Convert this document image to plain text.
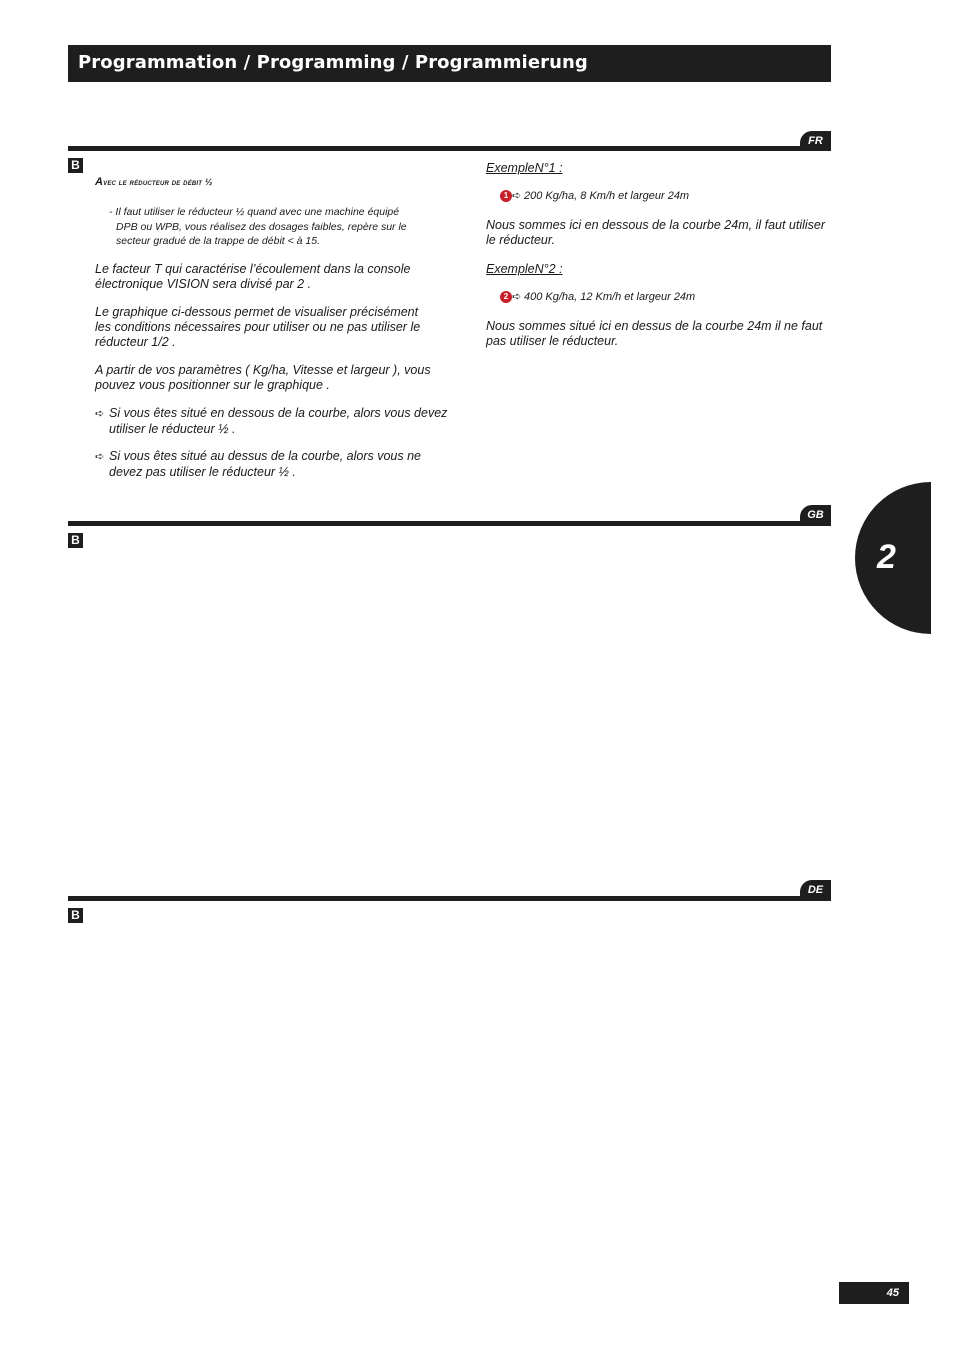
Programmation / Programming / Programmierung
FR
B
Avec le réducteur de débit ½
- Il faut utiliser le réducteur ½ quand avec une machine équipé
DPB ou WPB, vous réalisez des dosages faibles, repère sur le
secteur gradué de la trappe de débit < à 15.
Le facteur T qui caractérise l’écoulement dans la console
électronique VISION sera divisé par 2 .
Le graphique ci-dessous permet de visualiser précisément
les conditions nécessaires pour utiliser ou ne pas utiliser le
réducteur 1/2 .
A partir de vos paramètres ( Kg/ha, Vitesse et largeur ), vous
pouvez vous positionner sur le graphique .
➪ Si vous êtes situé en dessous de la courbe, alors vous devez
utiliser le réducteur ½ .
➪ Si vous êtes situé au dessus de la courbe, alors vous ne
devez pas utiliser le réducteur ½ .
ExempleN°1 :
1 ➪ 200 Kg/ha, 8 Km/h et largeur 24m
Nous sommes ici en dessous de la courbe 24m, il faut utiliser
le réducteur.
ExempleN°2 :
2 ➪ 400 Kg/ha, 12 Km/h et largeur 24m
Nous sommes situé ici en dessus de la courbe 24m il ne faut
pas utiliser le réducteur.
GB
B
DE
B
2
45
